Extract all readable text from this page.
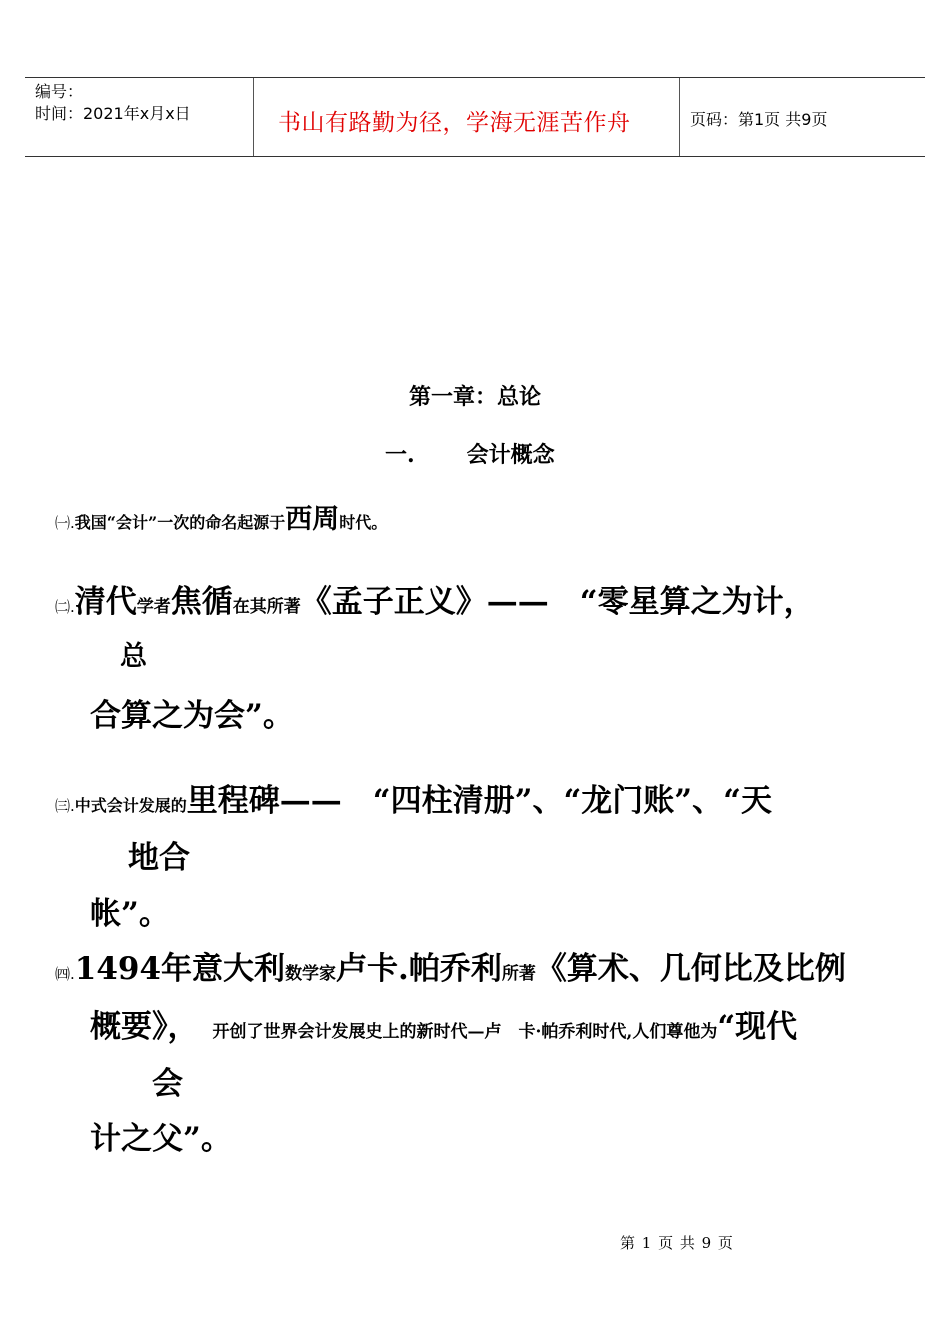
编号：
时间：2021年x月x日	书山有路勤为径，学海无涯苦作舟	页码：第1页 共9页
第一章：总论
一. 会计概念
㈠.我国“会计”一次的命名起源于西周时代。
㈡.清代学者焦循在其所著《孟子正义》——　“零星算之为计，
总
合算之为会”。
㈢.中式会计发展的里程碑——　“四柱清册”、“龙门账”、“天
地合
帐”。
㈣.1494年意大利数学家卢卡.帕乔利所著《算术、几何比及比例
概要》， 开创了世界会计发展史上的新时代—卢　卡·帕乔利时代,人们尊他为“现代
会
计之父”。
第 1 页 共 9 页
